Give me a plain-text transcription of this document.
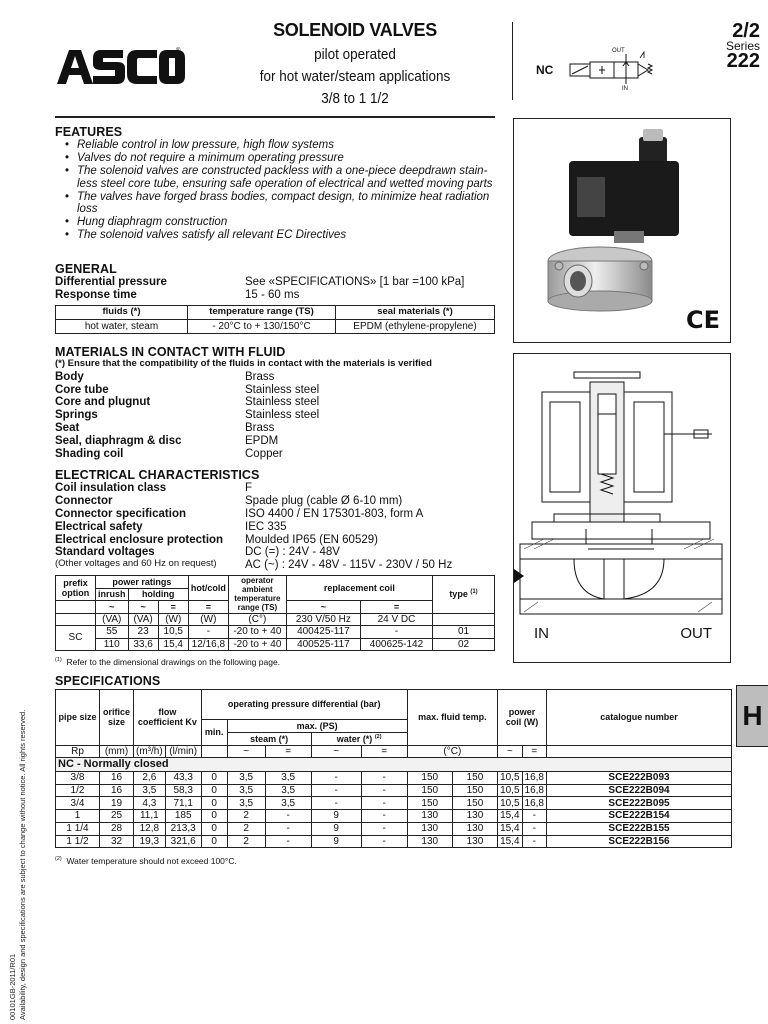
®
SOLENOID VALVES
pilot operated
for hot water/steam applications
3/8 to 1 1/2
NC
OUT
IN
2/2
Series
222
FEATURES
• Reliable control in low pressure, high flow systems
• Valves do not require a minimum operating pressure
• The solenoid valves are constructed packless with a one-piece deepdrawn stain-less steel core tube, ensuring safe operation of electrical and wetted moving parts
• The valves have forged brass bodies, compact design, to minimize heat radiation loss
• Hung diaphragm construction
• The solenoid valves satisfy all relevant EC Directives
GENERAL
Differential pressure	See «SPECIFICATIONS» [1 bar =100 kPa]
Response time	15 - 60 ms
fluids (*)	temperature range (TS)	seal materials (*)
hot water, steam	- 20°C to + 130/150°C	EPDM (ethylene-propylene)
MATERIALS IN CONTACT WITH FLUID
(*) Ensure that the compatibility of the fluids in contact with the materials is verified
Body	Brass
Core tube	Stainless steel
Core and plugnut	Stainless steel
Springs	Stainless steel
Seat	Brass
Seal, diaphragm & disc	EPDM
Shading coil	Copper
ELECTRICAL CHARACTERISTICS
Coil insulation class	F
Connector	Spade plug (cable Ø 6-10 mm)
Connector specification	ISO 4400 / EN 175301-803, form A
Electrical safety	IEC 335
Electrical enclosure protection	Moulded IP65 (EN 60529)
Standard voltages	DC (=) : 24V - 48V
(Other voltages and 60 Hz on request)	AC (~) : 24V - 48V - 115V - 230V / 50 Hz
prefix option	power ratings			hot/cold	operator ambient temperature range (TS)	replacement coil		type $^{(1)}$
	inrush	holding						
	~	~	=	=		~	=	
	(VA)	(VA)	(W)	(W)	(C°)	230 V/50 Hz	24 V DC	
SC	55	23	10,5	-	-20 to + 40	400425-117	-	01
	110	33,6	15,4	12/16,8	-20 to + 40	400525-117	400625-142	02
$^{(1)}$ Refer to the dimensional drawings on the following page.
CE
IN	OUT
SPECIFICATIONS
pipe size	orifice size	flow coefficient Kv		operating pressure differential (bar)					max. fluid temp.		power coil (W)		catalogue number
				min.	max. (PS)								
					steam (*)		water (*) $^{(2)}$
Rp	(mm)	(m³/h)	(l/min)		~	=	~	=	(°C)		~	=	
NC - Normally closed													
3/8	16	2,6	43,3	0	3,5	3,5	-	-	150	150	10,5	16,8	SCE222B093
1/2	16	3,5	58,3	0	3,5	3,5	-	-	150	150	10,5	16,8	SCE222B094
3/4	19	4,3	71,1	0	3,5	3,5	-	-	150	150	10,5	16,8	SCE222B095
1	25	11,1	185	0	2	-	9	-	130	130	15,4	-	SCE222B154
1 1/4	28	12,8	213,3	0	2	-	9	-	130	130	15,4	-	SCE222B155
1 1/2	32	19,3	321,6	0	2	-	9	-	130	130	15,4	-	SCE222B156
$^{(2)}$ Water temperature should not exceed 100°C.
H
00101GB-2011/R01 Availability, design and specifications are subject to change without notice. All rights reserved.
